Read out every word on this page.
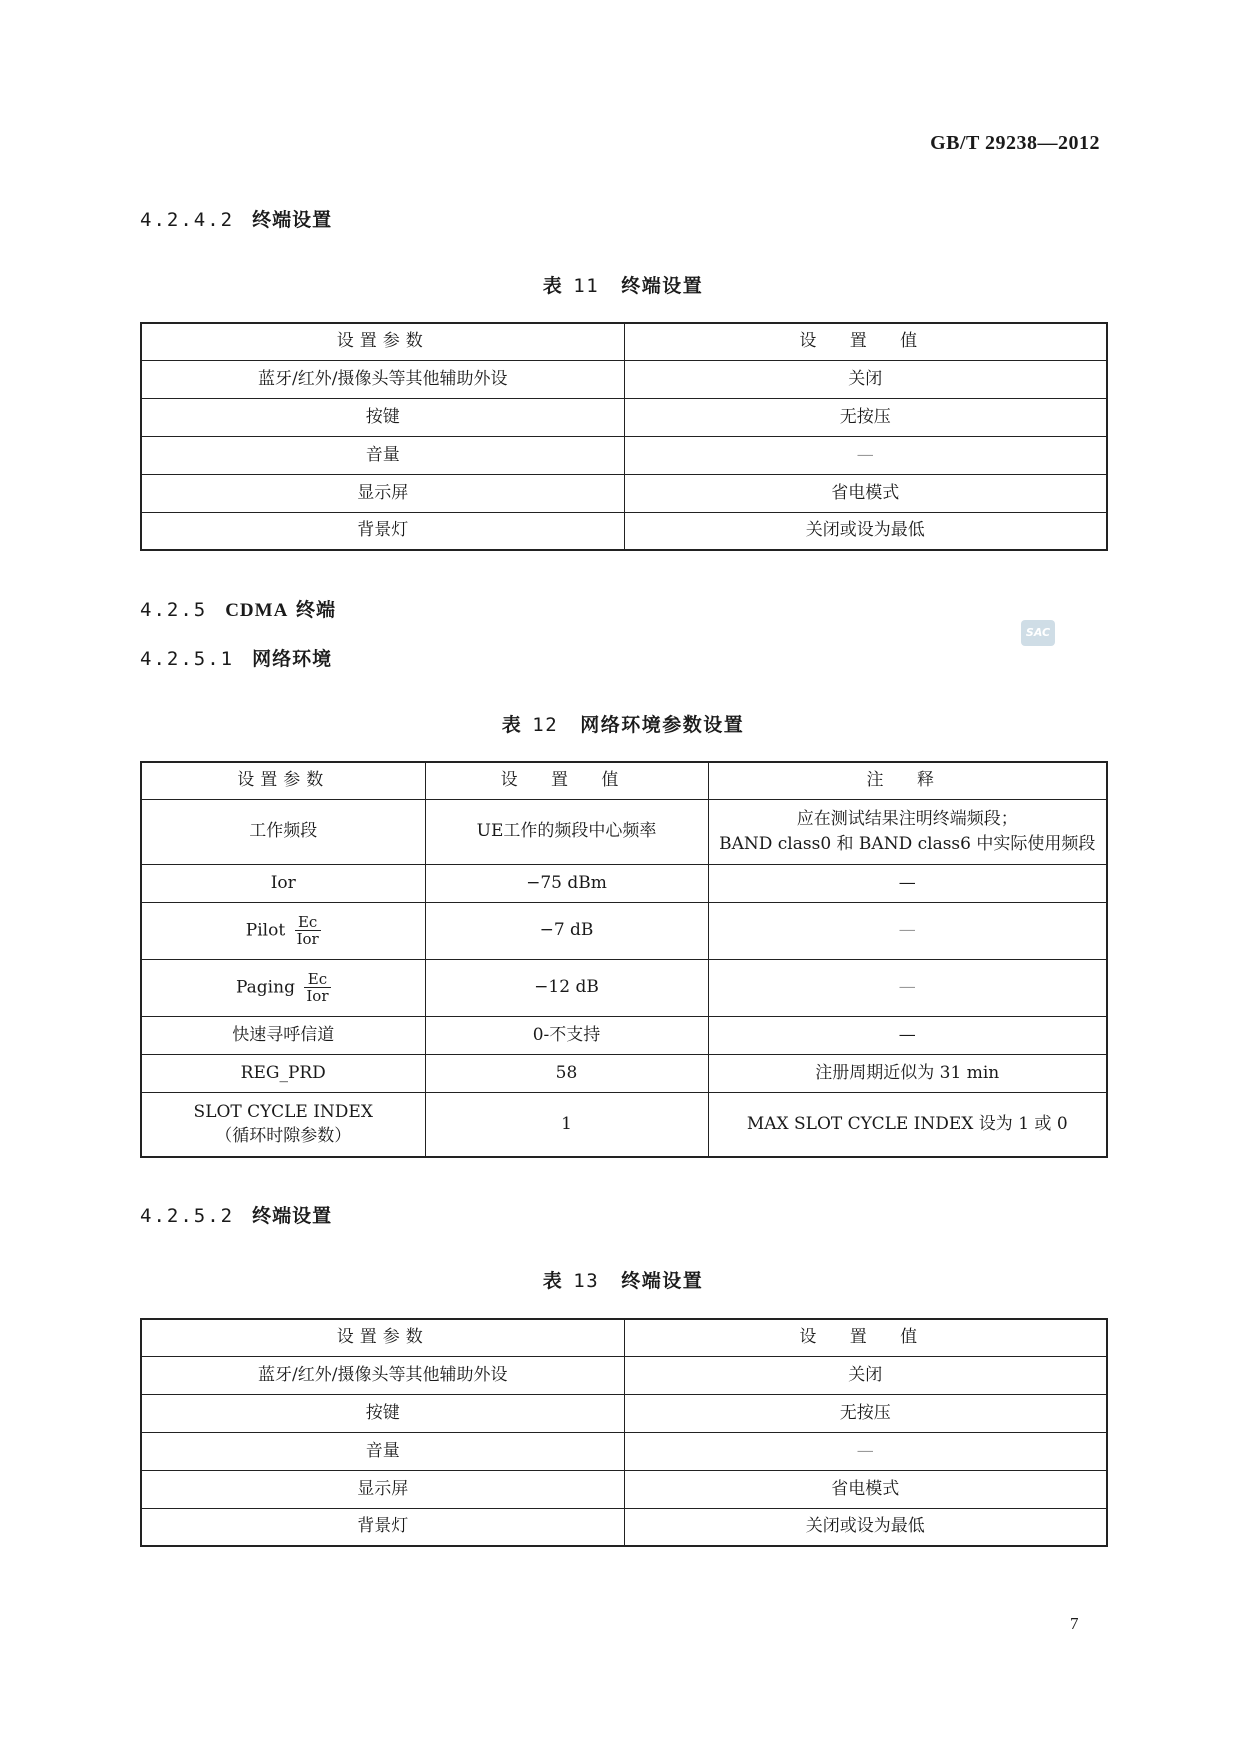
GB/T 29238—2012
4.2.4.2 终端设置
表 11 终端设置
设置参数	设 置 值
蓝牙/红外/摄像头等其他辅助外设	关闭
按键	无按压
音量	—
显示屏	省电模式
背景灯	关闭或设为最低
4.2.5 CDMA 终端
SAC
4.2.5.1 网络环境
表 12 网络环境参数设置
设置参数	设 置 值	注 释
工作频段	UE工作的频段中心频率	应在测试结果注明终端频段；
BAND class0 和 BAND class6 中实际使用频段

Ior	−75 dBm	—
Pilot $\frac{Ec}{\text{Ior}}$	−7 dB	—
Paging $\frac{Ec}{\text{Ior}}$	−12 dB	—
快速寻呼信道	0-不支持	—
REG_PRD	58	注册周期近似为 31 min

SLOT CYCLE INDEX
（循环时隙参数）	1	MAX SLOT CYCLE INDEX 设为 1 或 0
4.2.5.2 终端设置
表 13 终端设置
设置参数	设 置 值
蓝牙/红外/摄像头等其他辅助外设	关闭
按键	无按压
音量	—
显示屏	省电模式
背景灯	关闭或设为最低
7
